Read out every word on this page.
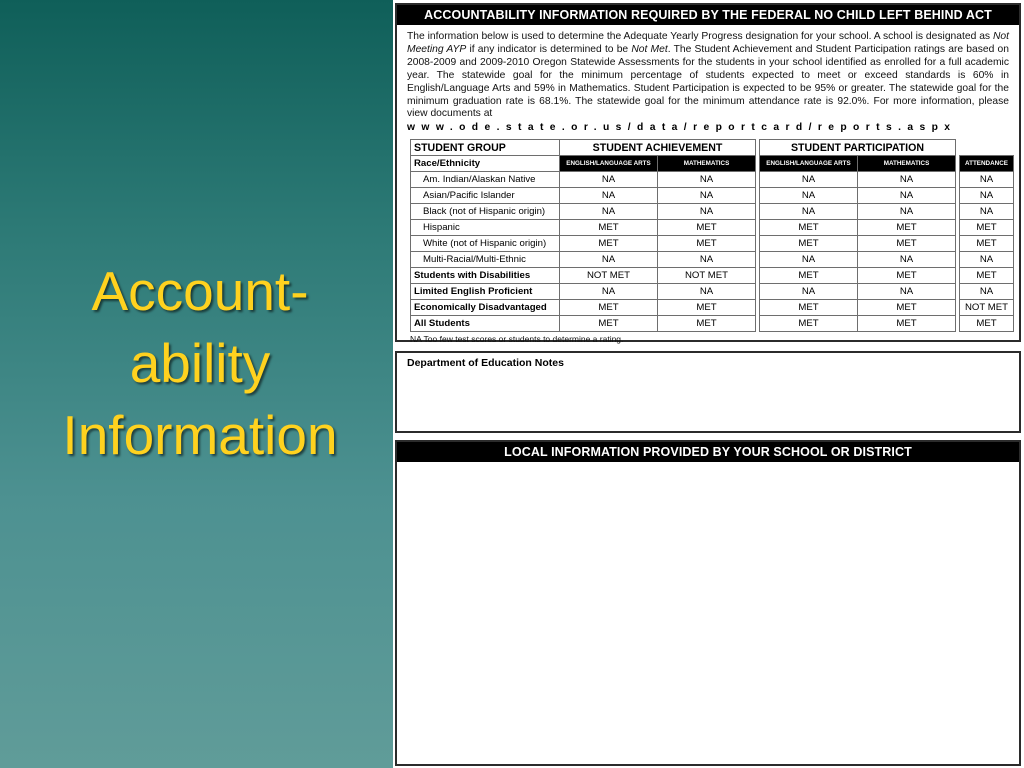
Account-
ability
Information
ACCOUNTABILITY INFORMATION REQUIRED BY THE FEDERAL NO CHILD LEFT BEHIND ACT
The information below is used to determine the Adequate Yearly Progress designation for your school. A school is designated as Not Meeting AYP if any indicator is determined to be Not Met. The Student Achievement and Student Participation ratings are based on 2008-2009 and 2009-2010 Oregon Statewide Assessments for the students in your school identified as enrolled for a full academic year. The statewide goal for the minimum percentage of students expected to meet or exceed standards is 60% in English/Language Arts and 59% in Mathematics. Student Participation is expected to be 95% or greater. The statewide goal for the minimum graduation rate is 68.1%. The statewide goal for the minimum attendance rate is 92.0%. For more information, please view documents at
www.ode.state.or.us/data/reportcard/reports.aspx
STUDENT GROUP	STUDENT ACHIEVEMENT			STUDENT PARTICIPATION			
Race/Ethnicity	ENGLISH/LANGUAGE ARTS	MATHEMATICS		ENGLISH/LANGUAGE ARTS	MATHEMATICS		ATTENDANCE
Am. Indian/Alaskan Native	NA	NA		NA	NA		NA
Asian/Pacific Islander	NA	NA		NA	NA		NA
Black (not of Hispanic origin)	NA	NA		NA	NA		NA
Hispanic	MET	MET		MET	MET		MET
White (not of Hispanic origin)	MET	MET		MET	MET		MET
Multi-Racial/Multi-Ethnic	NA	NA		NA	NA		NA
Students with Disabilities	NOT MET	NOT MET		MET	MET		MET
Limited English Proficient	NA	NA		NA	NA		NA
Economically Disadvantaged	MET	MET		MET	MET		NOT MET
All Students	MET	MET		MET	MET		MET
NA Too few test scores or students to determine a rating.
Department of Education Notes
LOCAL INFORMATION PROVIDED BY YOUR SCHOOL OR DISTRICT
